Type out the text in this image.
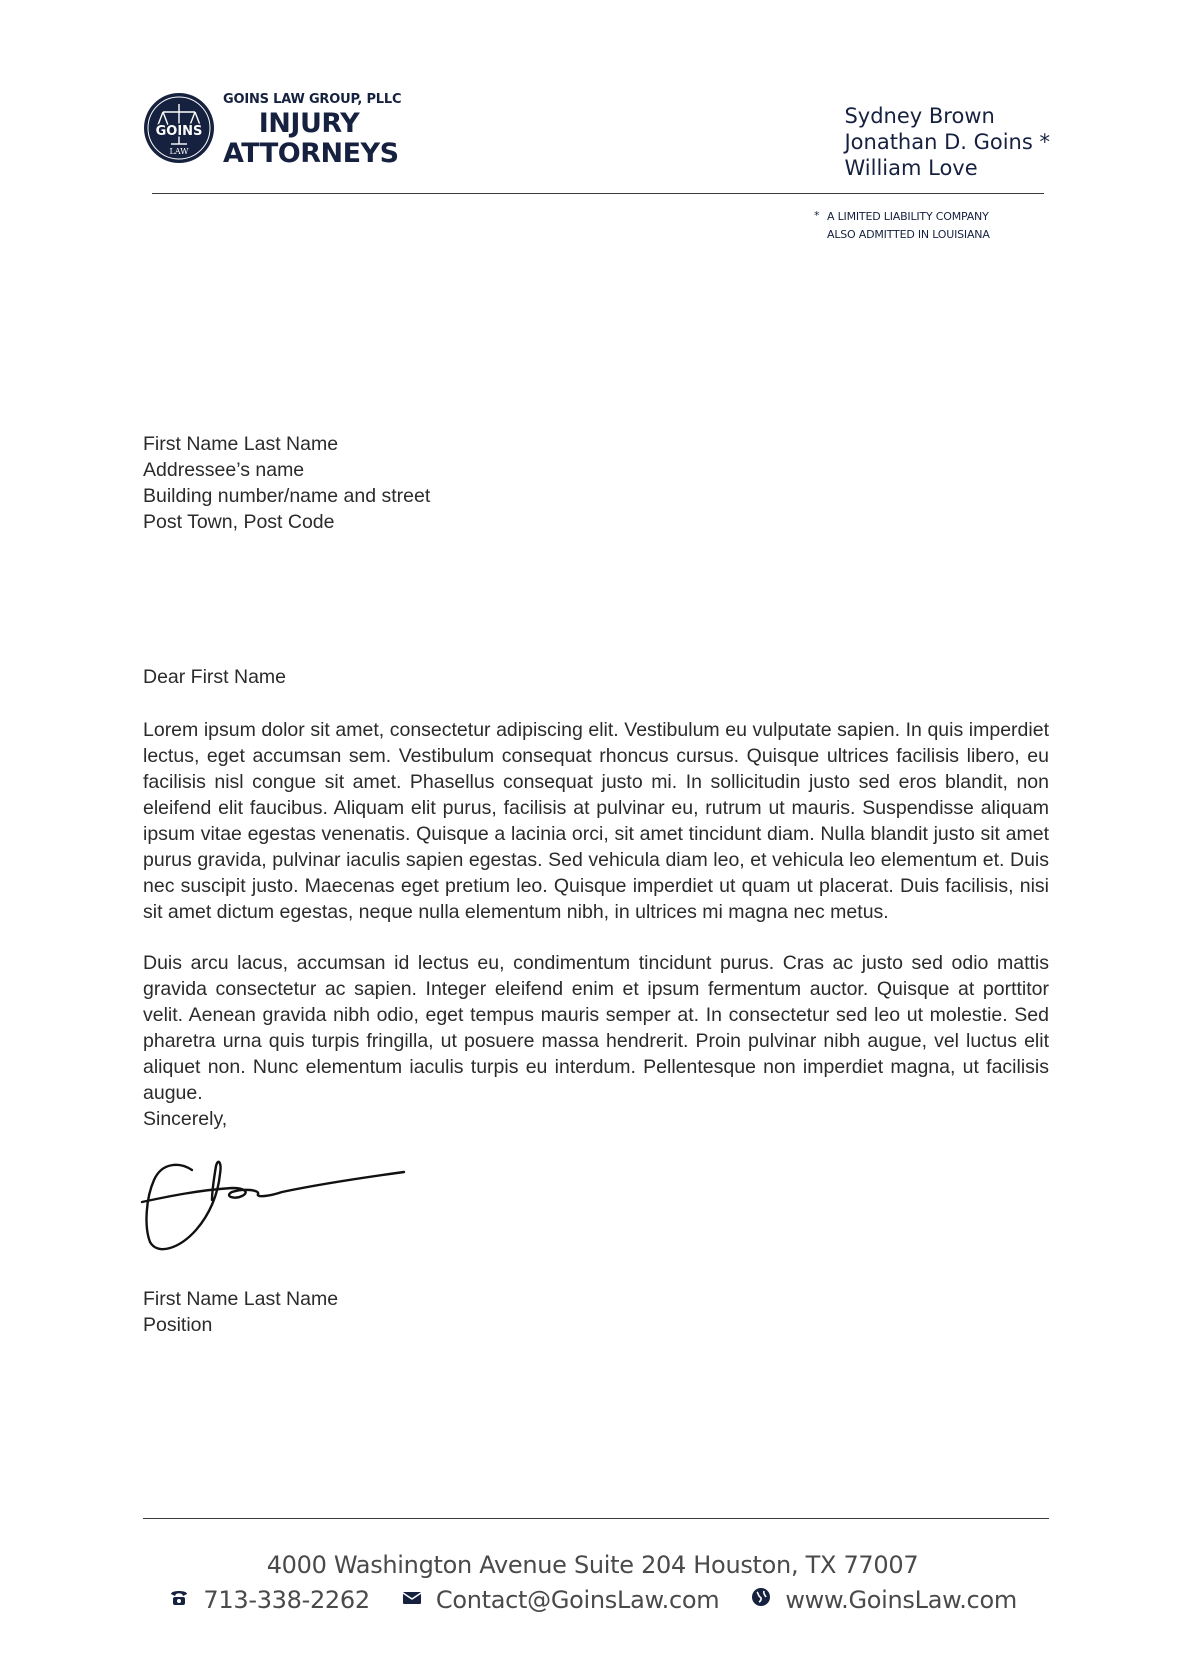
GOINS
LAW
GOINS LAW GROUP, PLLC
INJURY
ATTORNEYS
Sydney Brown
Jonathan D. Goins *
William Love
* A LIMITED LIABILITY COMPANY
ALSO ADMITTED IN LOUISIANA
First Name Last Name
Addressee’s name
Building number/name and street
Post Town, Post Code
Dear First Name
Lorem ipsum dolor sit amet, consectetur adipiscing elit. Vestibulum eu vulputate sapien. In quis imperdiet lectus, eget accumsan sem. Vestibulum consequat rhoncus cursus. Quisque ultrices facilisis libero, eu facilisis nisl congue sit amet. Phasellus consequat justo mi. In sollicitudin justo sed eros blandit, non eleifend elit faucibus. Aliquam elit purus, facilisis at pulvinar eu, rutrum ut mauris. Suspendisse aliquam ipsum vitae egestas venenatis. Quisque a lacinia orci, sit amet tincidunt diam. Nulla blandit justo sit amet purus gravida, pulvinar iaculis sapien egestas. Sed vehicula diam leo, et vehicula leo elementum et. Duis nec suscipit justo. Maecenas eget pretium leo. Quisque imperdiet ut quam ut placerat. Duis facilisis, nisi sit amet dictum egestas, neque nulla elementum nibh, in ultrices mi magna nec metus.
Duis arcu lacus, accumsan id lectus eu, condimentum tincidunt purus. Cras ac justo sed odio mattis gravida consectetur ac sapien. Integer eleifend enim et ipsum fermentum auctor. Quisque at porttitor velit. Aenean gravida nibh odio, eget tempus mauris semper at. In consectetur sed leo ut molestie. Sed pharetra urna quis turpis fringilla, ut posuere massa hendrerit. Proin pulvinar nibh augue, vel luctus elit aliquet non. Nunc elementum iaculis turpis eu interdum. Pellentesque non imperdiet magna, ut facilisis augue.
Sincerely,
First Name Last Name
Position
4000 Washington Avenue Suite 204 Houston, TX 77007
713-338-2262	Contact@GoinsLaw.com	www.GoinsLaw.com
